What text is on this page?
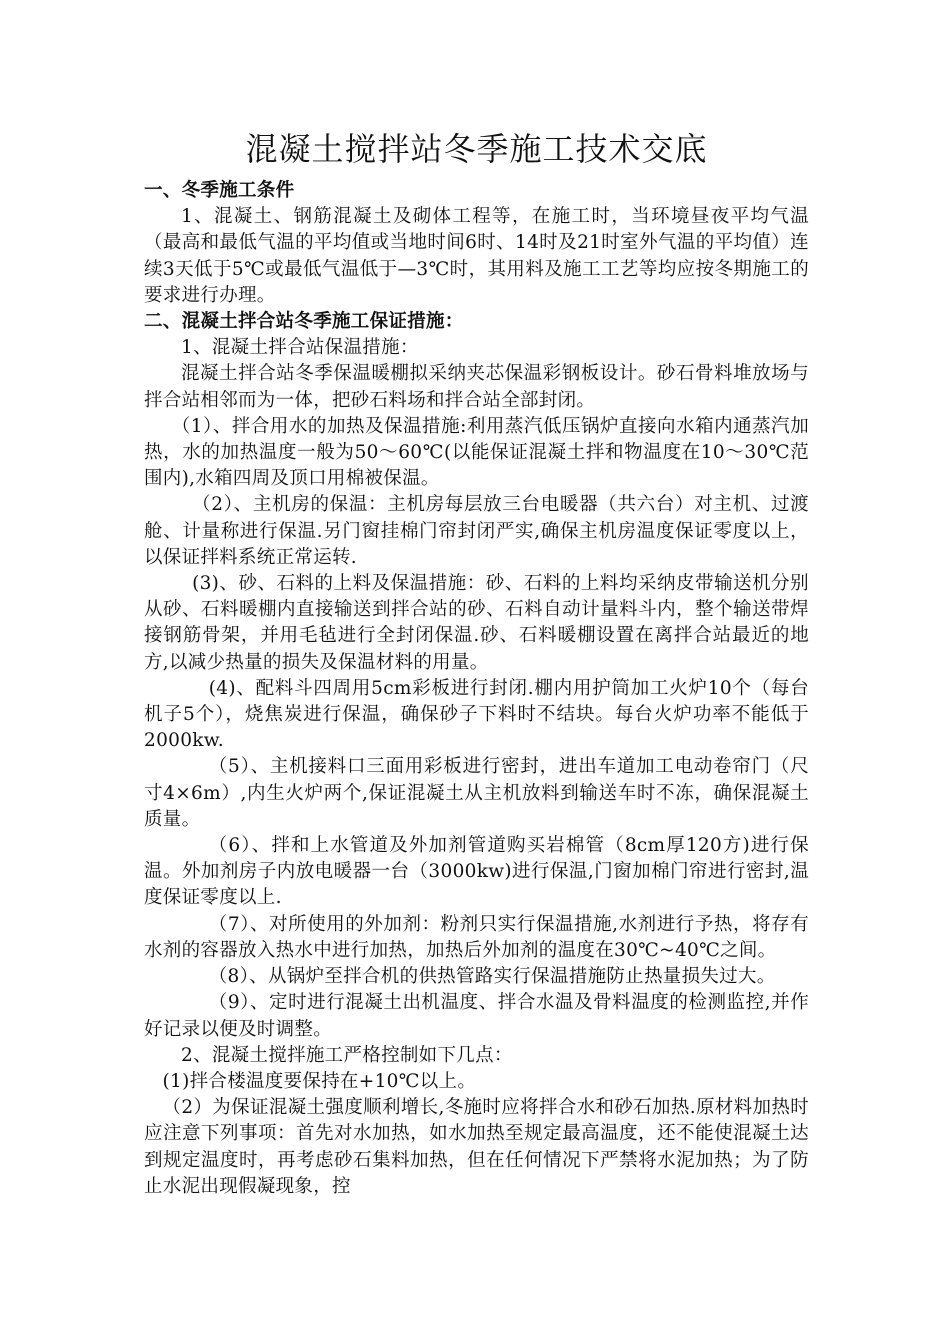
混凝土搅拌站冬季施工技术交底

一、冬季施工条件

1、混凝土、钢筋混凝土及砌体工程等，在施工时，当环境昼夜平均气温（最高和最低气温的平均值或当地时间6时、14时及21时室外气温的平均值）连续3天低于5℃或最低气温低于—3℃时，其用料及施工工艺等均应按冬期施工的要求进行办理。

二、混凝土拌合站冬季施工保证措施：

1、混凝土拌合站保温措施：

混凝土拌合站冬季保温暖棚拟采纳夹芯保温彩钢板设计。砂石骨料堆放场与拌合站相邻而为一体，把砂石料场和拌合站全部封闭。

（1）、拌合用水的加热及保温措施:利用蒸汽低压锅炉直接向水箱内通蒸汽加热，水的加热温度一般为50～60℃(以能保证混凝土拌和物温度在10～30℃范围内),水箱四周及顶口用棉被保温。

（2）、主机房的保温：主机房每层放三台电暖器（共六台）对主机、过渡舱、计量称进行保温.另门窗挂棉门帘封闭严实,确保主机房温度保证零度以上，以保证拌料系统正常运转.

(3)、砂、石料的上料及保温措施：砂、石料的上料均采纳皮带输送机分别从砂、石料暖棚内直接输送到拌合站的砂、石料自动计量料斗内，整个输送带焊接钢筋骨架，并用毛毡进行全封闭保温.砂、石料暖棚设置在离拌合站最近的地方,以减少热量的损失及保温材料的用量。

(4)、配料斗四周用5cm彩板进行封闭.棚内用护筒加工火炉10个（每台机子5个），烧焦炭进行保温，确保砂子下料时不结块。每台火炉功率不能低于2000kw.

（5）、主机接料口三面用彩板进行密封，进出车道加工电动卷帘门（尺寸4×6m）,内生火炉两个,保证混凝土从主机放料到输送车时不冻，确保混凝土质量。

（6）、拌和上水管道及外加剂管道购买岩棉管（8cm厚120方)进行保温。外加剂房子内放电暖器一台（3000kw)进行保温,门窗加棉门帘进行密封,温度保证零度以上.

（7）、对所使用的外加剂：粉剂只实行保温措施,水剂进行予热，将存有水剂的容器放入热水中进行加热，加热后外加剂的温度在30℃~40℃之间。

（8）、从锅炉至拌合机的供热管路实行保温措施防止热量损失过大。

（9）、定时进行混凝土出机温度、拌合水温及骨料温度的检测监控,并作好记录以便及时调整。

2、混凝土搅拌施工严格控制如下几点：

(1)拌合楼温度要保持在+10℃以上。

（2）为保证混凝土强度顺利增长,冬施时应将拌合水和砂石加热.原材料加热时应注意下列事项：首先对水加热，如水加热至规定最高温度，还不能使混凝土达到规定温度时，再考虑砂石集料加热，但在任何情况下严禁将水泥加热；为了防止水泥出现假凝现象，控
